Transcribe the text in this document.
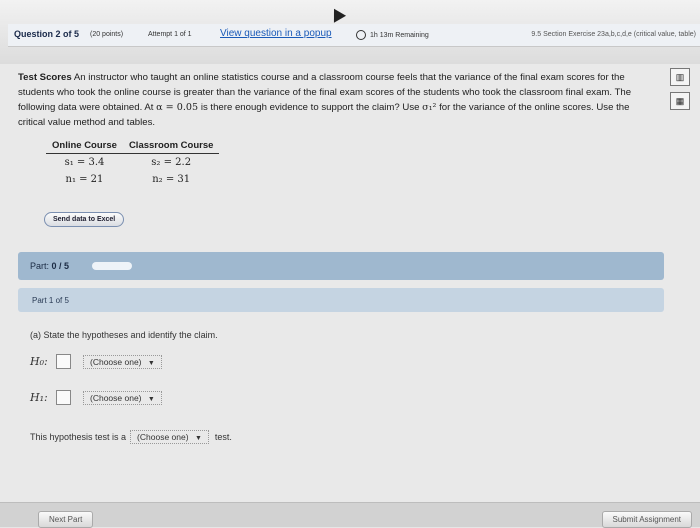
Question 2 of 5 (20 points)	Attempt 1 of 1	View question in a popup	1h 13m Remaining	9.5 Section Exercise 23a,b,c,d,e (critical value, table)
Test Scores An instructor who taught an online statistics course and a classroom course feels that the variance of the final exam scores for the students who took the online course is greater than the variance of the final exam scores of the students who took the classroom final exam. The following data were obtained. At α = 0.05 is there enough evidence to support the claim? Use σ₁² for the variance of the online scores. Use the critical value method and tables.
▥
▦
Online Course	Classroom Course
s₁ = 3.4	s₂ = 2.2
n₁ = 21	n₂ = 31
Send data to Excel
Part: 0 / 5
Part 1 of 5
(a) State the hypotheses and identify the claim.
H₀:	(Choose one) ▼
H₁:	(Choose one) ▼
This hypothesis test is a	(Choose one) ▼	test.
Next Part	Submit Assignment
